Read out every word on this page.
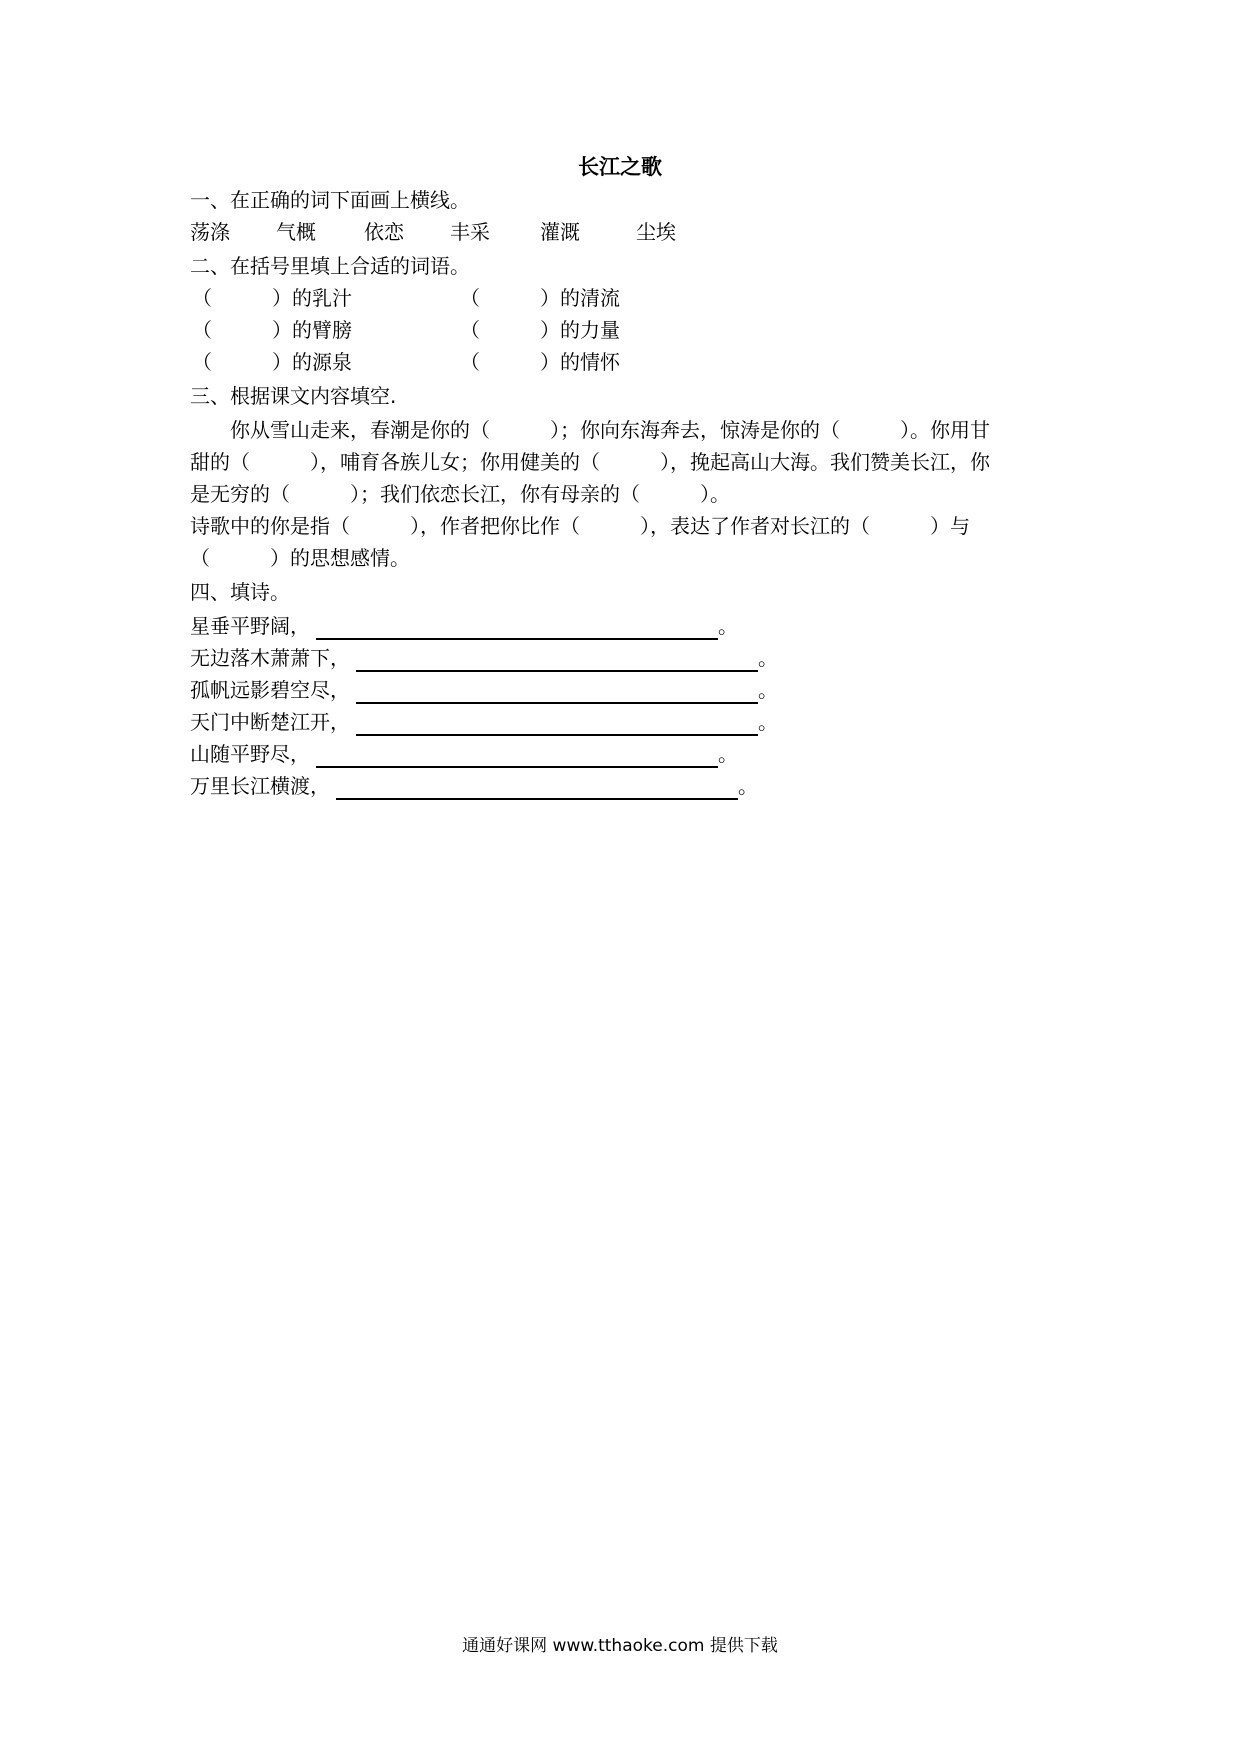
长江之歌
一、在正确的词下面画上横线。
荡涤 气概 依恋 丰采	灌溉	尘埃
二、在括号里填上合适的词语。
（　　　）的乳汁	（　　　）的清流
（　　　）的臂膀	（　　　）的力量
（　　　）的源泉	（　　　）的情怀
三、根据课文内容填空.
　　你从雪山走来，春潮是你的（　　　）；你向东海奔去，惊涛是你的（　　　）。你用甘
甜的（　　　），哺育各族儿女；你用健美的（　　　），挽起高山大海。我们赞美长江，你
是无穷的（　　　）；我们依恋长江，你有母亲的（　　　）。
诗歌中的你是指（　　　），作者把你比作（　　　），表达了作者对长江的（　　　）与
（　　　）的思想感情。
四、填诗。
星垂平野阔，	。
无边落木萧萧下，	。
孤帆远影碧空尽，	。
天门中断楚江开，	。
山随平野尽，	。
万里长江横渡，	。
通通好课网 www.tthaoke.com 提供下载
